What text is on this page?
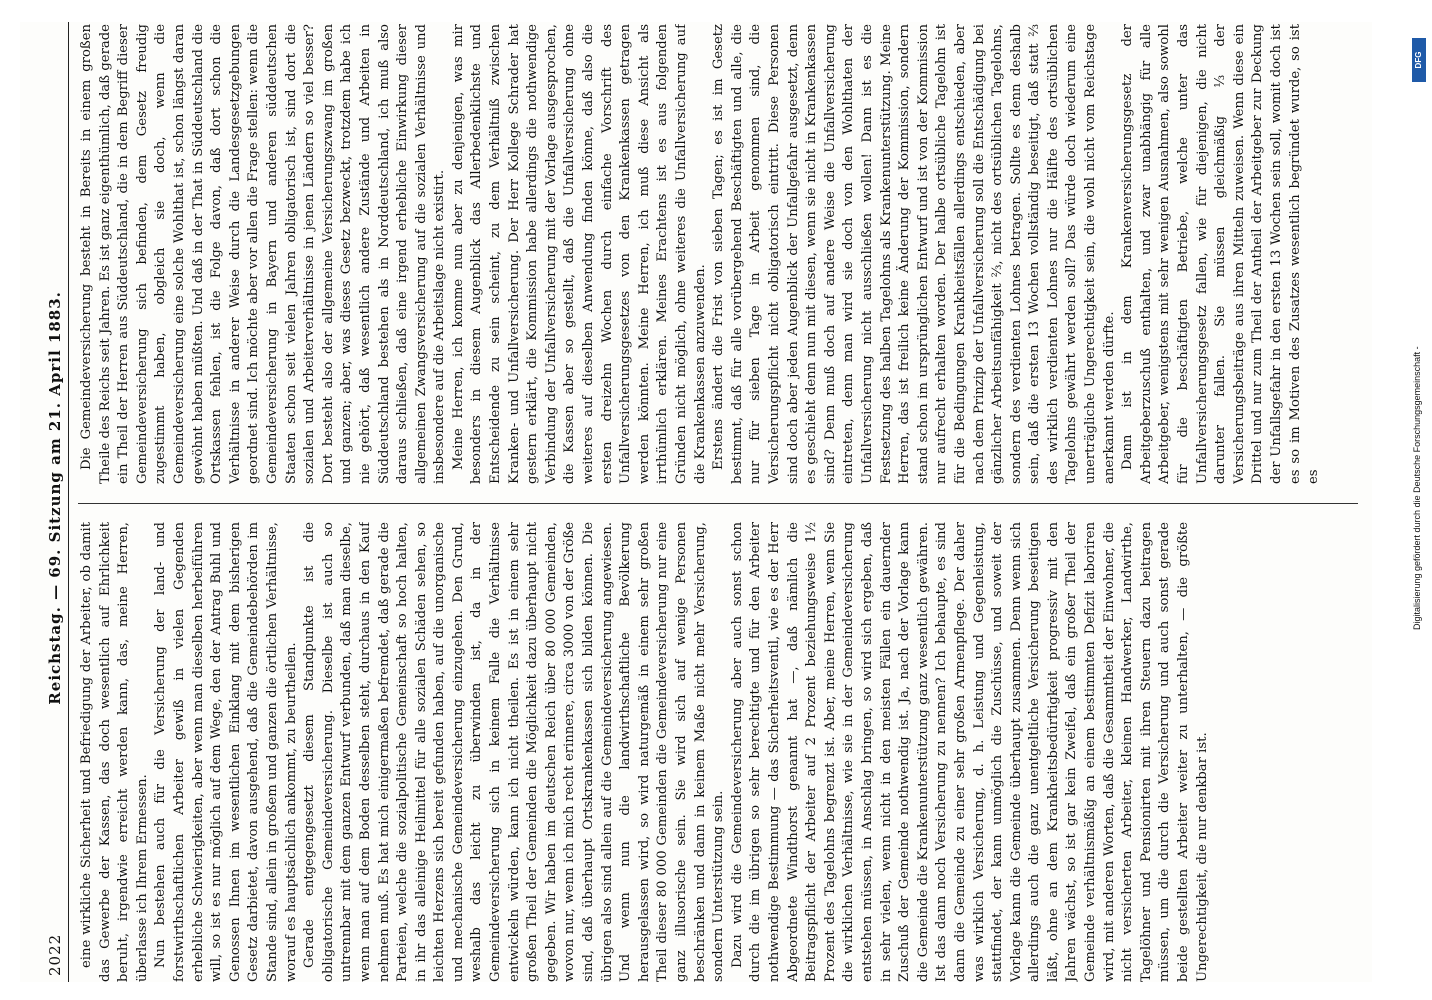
2022
Reichstag. — 69. Sitzung am 21. April 1883.

eine wirkliche Sicherheit und Befriedigung der Arbeiter, ob damit das Gewerbe der Kassen, das doch wesentlich auf Ehrlichkeit beruht, irgendwie erreicht werden kann, das, meine Herren, überlasse ich Ihrem Ermessen. Nun bestehen auch für die Versicherung der land- und forstwirthschaftlichen Arbeiter gewiß in vielen Gegenden erhebliche Schwierigkeiten, aber wenn man dieselben herbeiführen will, so ist es nur möglich auf dem Wege, den der Antrag Buhl und Genossen Ihnen im wesentlichen Einklang mit dem bisherigen Gesetz darbietet, davon ausgehend, daß die Gemeindebehörden im Stande sind, allein in großem und ganzen die örtlichen Verhältnisse, worauf es hauptsächlich ankommt, zu beurtheilen. Gerade entgegengesetzt diesem Standpunkte ist die obligatorische Gemeindeversicherung. Dieselbe ist auch so untrennbar mit dem ganzen Entwurf verbunden, daß man dieselbe, wenn man auf dem Boden desselben steht, durchaus in den Kauf nehmen muß. Es hat mich einigermaßen befremdet, daß gerade die Parteien, welche die sozialpolitische Gemeinschaft so hoch halten, in ihr das alleinige Heilmittel für alle sozialen Schäden sehen, so leichten Herzens sich bereit gefunden haben, auf die unorganische und mechanische Gemeindeversicherung einzugehen. Den Grund, weshalb das leicht zu überwinden ist, da in der Gemeindeversicherung sich in keinem Falle die Verhältnisse entwickeln würden, kann ich nicht theilen. Es ist in einem sehr großen Theil der Gemeinden die Möglichkeit dazu überhaupt nicht gegeben. Wir haben im deutschen Reich über 80 000 Gemeinden, wovon nur, wenn ich mich recht erinnere, circa 3000 von der Größe sind, daß überhaupt Ortskrankenkassen sich bilden können. Die übrigen also sind allein auf die Gemeindeversicherung angewiesen. Und wenn nun die landwirthschaftliche Bevölkerung herausgelassen wird, so wird naturgemäß in einem sehr großen Theil dieser 80 000 Gemeinden die Gemeindeversicherung nur eine ganz illusorische sein. Sie wird sich auf wenige Personen beschränken und dann in keinem Maße nicht mehr Versicherung, sondern Unterstützung sein. Dazu wird die Gemeindeversicherung aber auch sonst schon durch die im übrigen so sehr berechtigte und für den Arbeiter nothwendige Bestimmung — das Sicherheitsventil, wie es der Herr Abgeordnete Windthorst genannt hat —, daß nämlich die Beitragspflicht der Arbeiter auf 2 Prozent beziehungsweise 1½ Prozent des Tagelohns begrenzt ist. Aber, meine Herren, wenn Sie die wirklichen Verhältnisse, wie sie in der Gemeindeversicherung entstehen müssen, in Anschlag bringen, so wird sich ergeben, daß in sehr vielen, wenn nicht in den meisten Fällen ein dauernder Zuschuß der Gemeinde nothwendig ist. Ja, nach der Vorlage kann die Gemeinde die Krankenunterstützung ganz wesentlich gewähren. Ist das dann noch Versicherung zu nennen? Ich behaupte, es sind dann die Gemeinde zu einer sehr großen Armenpflege. Der daher was wirklich Versicherung, d. h. Leistung und Gegenleistung, stattfindet, der kann unmöglich die Zuschüsse, und soweit der Vorlage kann die Gemeinde überhaupt zusammen. Denn wenn sich allerdings auch die ganz unentgeltliche Versicherung beseitigen läßt, ohne an dem Krankheitsbedürftigkeit progressiv mit den Jahren wächst, so ist gar kein Zweifel, daß ein großer Theil der Gemeinde verhältnismäßig an einem bestimmten Defizit laboriren wird, mit anderen Worten, daß die Gesammtheit der Einwohner, die nicht versicherten Arbeiter, kleinen Handwerker, Landwirthe, Tagelöhner und Pensionirten mit ihren Steuern dazu beitragen müssen, um die durch die Versicherung und auch sonst gerade beide gestellten Arbeiter weiter zu unterhalten, — die größte Ungerechtigkeit, die nur denkbar ist.

Die Gemeindeversicherung besteht in Bereits in einem großen Theile des Reichs seit Jahren. Es ist ganz eigenthümlich, daß gerade ein Theil der Herren aus Süddeutschland, die in dem Begriff dieser Gemeindeversicherung sich befinden, dem Gesetz freudig zugestimmt haben, obgleich sie doch, wenn die Gemeindeversicherung eine solche Wohlthat ist, schon längst daran gewöhnt haben müßten. Und daß in der That in Süddeutschland die Ortskassen fehlen, ist die Folge davon, daß dort schon die Verhältnisse in anderer Weise durch die Landesgesetzgebungen geordnet sind. Ich möchte aber vor allen die Frage stellen: wenn die Gemeindeversicherung in Bayern und anderen süddeutschen Staaten schon seit vielen Jahren obligatorisch ist, sind dort die sozialen und Arbeiterverhältnisse in jenen Ländern so viel besser? Dort besteht also der allgemeine Versicherungszwang im großen und ganzen; aber, was dieses Gesetz bezweckt, trotzdem habe ich nie gehört, daß wesentlich andere Zustände und Arbeiten in Süddeutschland bestehen als in Norddeutschland, ich muß also daraus schließen, daß eine irgend erhebliche Einwirkung dieser allgemeinen Zwangsversicherung auf die sozialen Verhältnisse und insbesondere auf die Arbeitslage nicht existirt. Meine Herren, ich komme nun aber zu denjenigen, was mir besonders in diesem Augenblick das Allerbedenklichste und Entscheidende zu sein scheint, zu dem Verhältniß zwischen Kranken- und Unfallversicherung. Der Herr Kollege Schrader hat gestern erklärt, die Kommission habe allerdings die nothwendige Verbindung der Unfallversicherung mit der Vorlage ausgesprochen, die Kassen aber so gestellt, daß die Unfallversicherung ohne weiteres auf dieselben Anwendung finden könne, daß also die ersten dreizehn Wochen durch einfache Vorschrift des Unfallversicherungsgesetzes von den Krankenkassen getragen werden könnten. Meine Herren, ich muß diese Ansicht als irrthümlich erklären. Meines Erachtens ist es aus folgenden Gründen nicht möglich, ohne weiteres die Unfallversicherung auf die Krankenkassen anzuwenden. Erstens ändert die Frist von sieben Tagen; es ist im Gesetz bestimmt, daß für alle vorübergehend Beschäftigten und alle, die nur für sieben Tage in Arbeit genommen sind, die Versicherungspflicht nicht obligatorisch eintritt. Diese Personen sind doch aber jeden Augenblick der Unfallgefahr ausgesetzt, denn es geschieht denn nun mit diesen, wenn sie nicht in Krankenkassen sind? Denn muß doch auf andere Weise die Unfallversicherung eintreten, denn man wird sie doch von den Wohlthaten der Unfallversicherung nicht ausschließen wollen! Dann ist es die Festsetzung des halben Tagelohns als Krankenunterstützung. Meine Herren, das ist freilich keine Änderung der Kommission, sondern stand schon im ursprünglichen Entwurf und ist von der Kommission nur aufrecht erhalten worden. Der halbe ortsübliche Tagelohn ist für die Bedingungen Krankheitsfällen allerdings entschieden, aber nach dem Prinzip der Unfallversicherung soll die Entschädigung bei gänzlicher Arbeitsunfähigkeit ⅔, nicht des ortsüblichen Tagelohns, sondern des verdienten Lohnes betragen. Sollte es denn deshalb sein, daß die ersten 13 Wochen vollständig beseitigt, daß statt ⅔ des wirklich verdienten Lohnes nur die Hälfte des ortsüblichen Tagelohns gewährt werden soll? Das würde doch wiederum eine unerträgliche Ungerechtigkeit sein, die wohl nicht vom Reichstage anerkannt werden dürfte. Dann ist in dem Krankenversicherungsgesetz der Arbeitgeberzuschuß enthalten, und zwar unabhängig für alle Arbeitgeber, wenigstens mit sehr wenigen Ausnahmen, also sowohl für die beschäftigten Betriebe, welche unter das Unfallversicherungsgesetz fallen, wie für diejenigen, die nicht darunter fallen. Sie müssen gleichmäßig ⅓ der Versicherungsbeiträge aus ihren Mitteln zuweisen. Wenn diese ein Drittel und nur zum Theil der Antheil der Arbeitgeber zur Deckung der Unfallsgefahr in den ersten 13 Wochen sein soll, womit doch ist es so im Motiven des Zusatzes wesentlich begründet wurde, so ist es

DFG
Digitalisierung gefördert durch die Deutsche Forschungsgemeinschaft -
